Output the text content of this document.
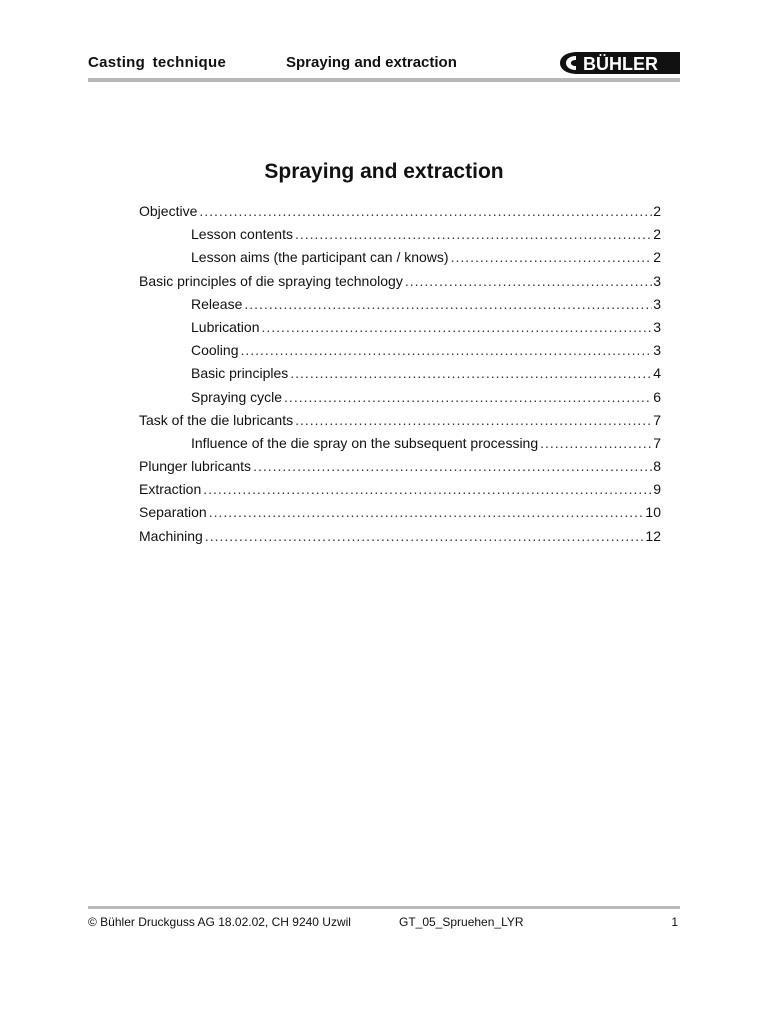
Casting technique	Spraying and extraction	BÜHLER
Spraying and extraction
Objective .....	2
Lesson contents .....	2
Lesson aims (the participant can / knows) .....	2
Basic principles of die spraying technology .....	3
Release .....	3
Lubrication .....	3
Cooling .....	3
Basic principles .....	4
Spraying cycle .....	6
Task of the die lubricants .....	7
Influence of the die spray on the subsequent processing .....	7
Plunger lubricants .....	8
Extraction .....	9
Separation .....	10
Machining .....	12
© Bühler Druckguss AG 18.02.02, CH 9240 Uzwil	GT_05_Spruehen_LYR	1
